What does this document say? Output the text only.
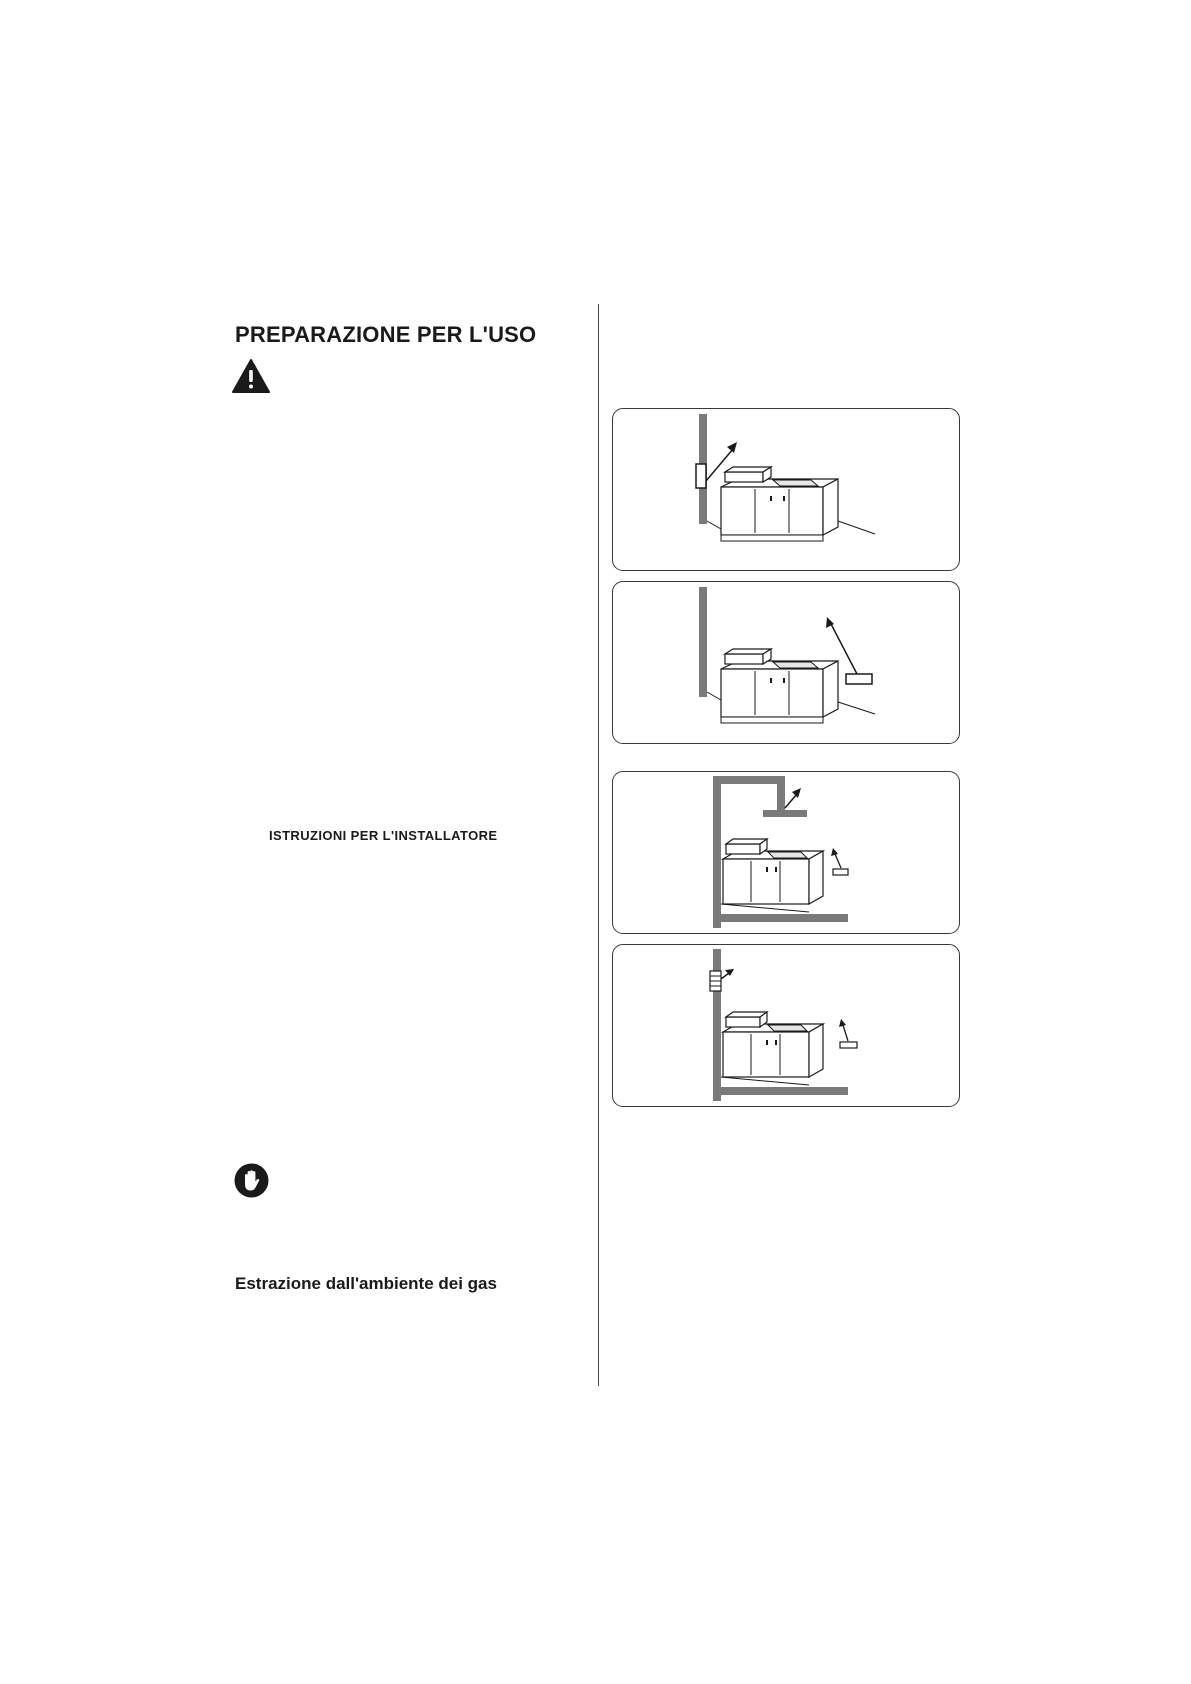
PREPARAZIONE PER L'USO
ISTRUZIONI PER L'INSTALLATORE
Estrazione dall'ambiente dei gas
